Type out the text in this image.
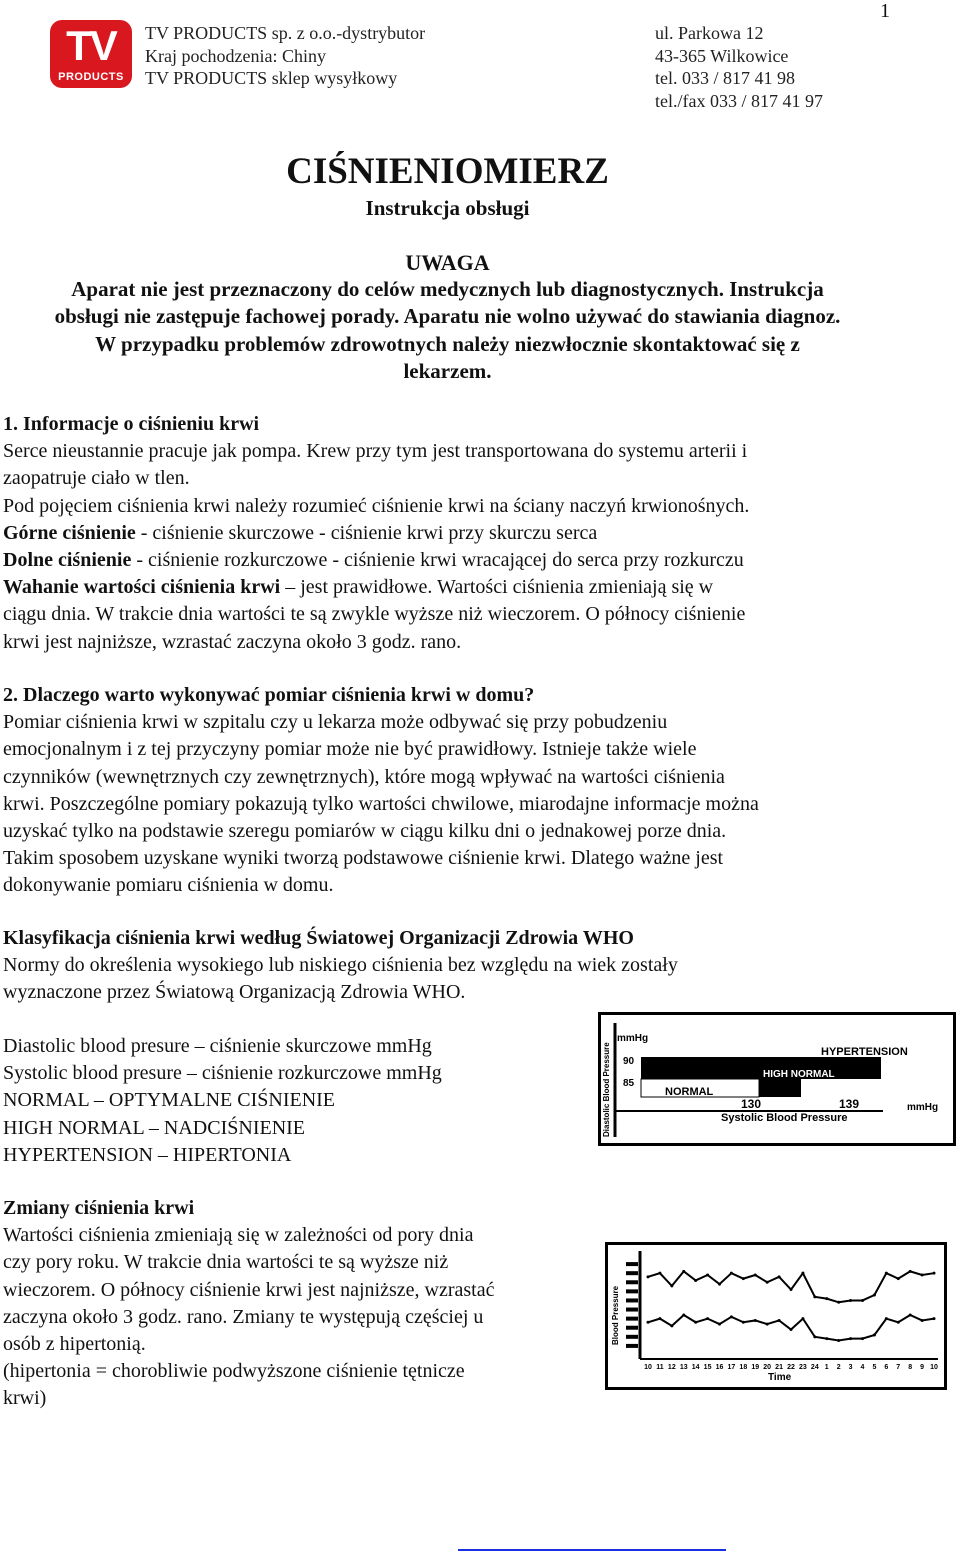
1
TV
PRODUCTS
TV PRODUCTS sp. z o.o.-dystrybutor
Kraj pochodzenia: Chiny
TV PRODUCTS sklep wysyłkowy
ul. Parkowa 12
43-365 Wilkowice
tel. 033 / 817 41 98
tel./fax 033 / 817 41 97
CIŚNIENIOMIERZ
Instrukcja obsługi
UWAGA
Aparat nie jest przeznaczony do celów medycznych lub diagnostycznych. Instrukcja
obsługi nie zastępuje fachowej porady. Aparatu nie wolno używać do stawiania diagnoz.
W przypadku problemów zdrowotnych należy niezwłocznie skontaktować się z
lekarzem.
1. Informacje o ciśnieniu krwi
Serce nieustannie pracuje jak pompa. Krew przy tym jest transportowana do systemu arterii i
zaopatruje ciało w tlen.
Pod pojęciem ciśnienia krwi należy rozumieć ciśnienie krwi na ściany naczyń krwionośnych.
Górne ciśnienie - ciśnienie skurczowe - ciśnienie krwi przy skurczu serca
Dolne ciśnienie - ciśnienie rozkurczowe - ciśnienie krwi wracającej do serca przy rozkurczu
Wahanie wartości ciśnienia krwi – jest prawidłowe. Wartości ciśnienia zmieniają się w
ciągu dnia. W trakcie dnia wartości te są zwykle wyższe niż wieczorem. O północy ciśnienie
krwi jest najniższe, wzrastać zaczyna około 3 godz. rano.
2. Dlaczego warto wykonywać pomiar ciśnienia krwi w domu?
Pomiar ciśnienia krwi w szpitalu czy u lekarza może odbywać się przy pobudzeniu
emocjonalnym i z tej przyczyny pomiar może nie być prawidłowy. Istnieje także wiele
czynników (wewnętrznych czy zewnętrznych), które mogą wpływać na wartości ciśnienia
krwi. Poszczególne pomiary pokazują tylko wartości chwilowe, miarodajne informacje można
uzyskać tylko na podstawie szeregu pomiarów w ciągu kilku dni o jednakowej porze dnia.
Takim sposobem uzyskane wyniki tworzą podstawowe ciśnienie krwi. Dlatego ważne jest
dokonywanie pomiaru ciśnienia w domu.
Klasyfikacja ciśnienia krwi według Światowej Organizacji Zdrowia WHO
Normy do określenia wysokiego lub niskiego ciśnienia bez względu na wiek zostały
wyznaczone przez Światową Organizacją Zdrowia WHO.
Diastolic blood presure – ciśnienie skurczowe mmHg
Systolic blood presure – ciśnienie rozkurczowe mmHg
NORMAL – OPTYMALNE CIŚNIENIE
HIGH NORMAL – NADCIŚNIENIE
HYPERTENSION – HIPERTONIA
Zmiany ciśnienia krwi
Wartości ciśnienia zmieniają się w zależności od pory dnia
czy pory roku. W trakcie dnia wartości te są wyższe niż
wieczorem. O północy ciśnienie krwi jest najniższe, wzrastać
zaczyna około 3 godz. rano. Zmiany te występują częściej u
osób z hipertonią.
(hipertonia = chorobliwie podwyższone ciśnienie tętnicze
krwi)
Diastolic Blood Pressure
mmHg
90
85
HYPERTENSION
HIGH NORMAL
NORMAL
130	139	mmHg
Systolic Blood Pressure
Blood Pressure
10 11 12 13 14 15 16 17 18 19 20 21 22 23 24 1 2 3 4 5 6 7 8 9 10
Time
